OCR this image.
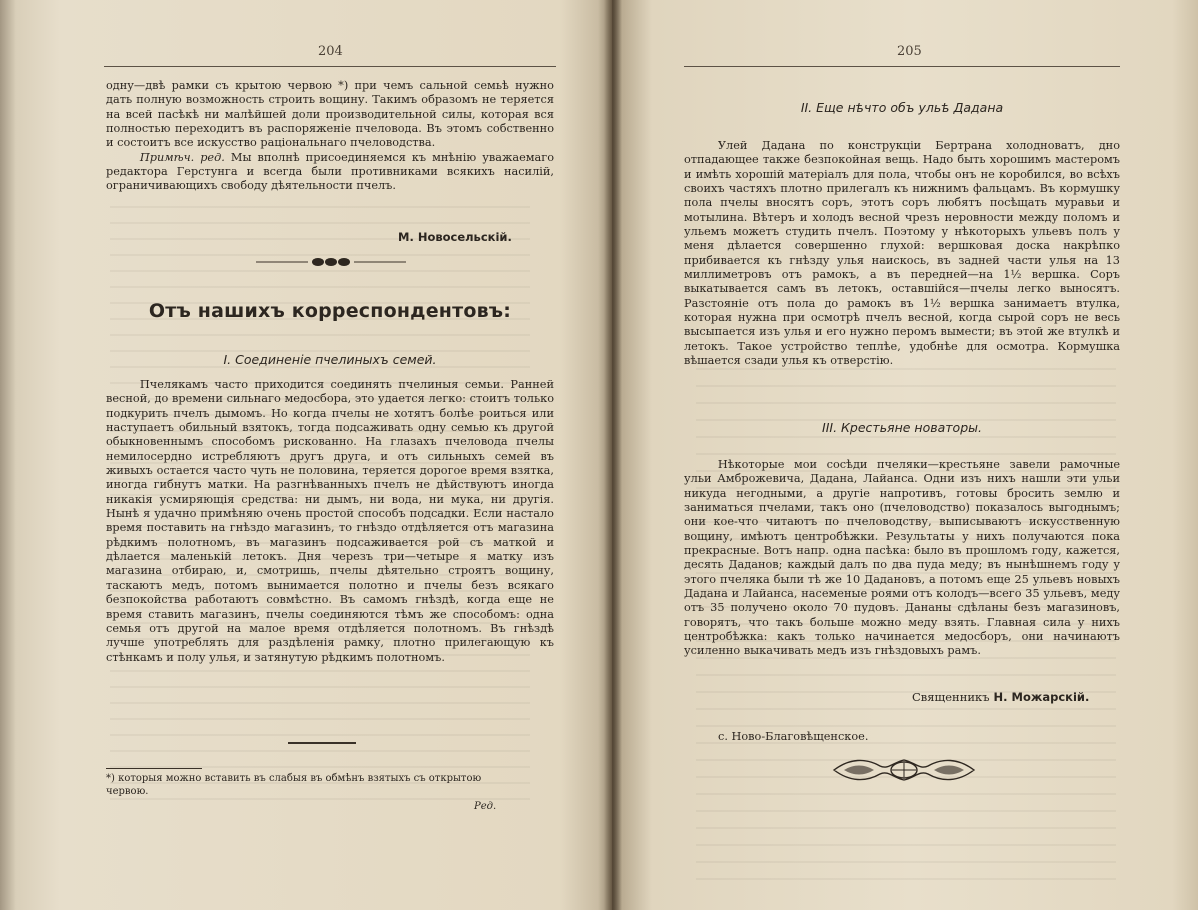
204

одну—двѣ рамки съ крытою червою *) при чемъ сальной семьѣ нужно дать полную возможность строить вощину. Такимъ образомъ не теряется на всей пасѣкѣ ни малѣйшей доли производительной силы, которая вся полностью переходитъ въ распоряженіе пчеловода. Въ этомъ собственно и состоитъ все искусство раціональнаго пчеловодства.

Примѣч. ред. Мы вполнѣ присоединяемся къ мнѣнію уважаемаго редактора Герстунга и всегда были противниками всякихъ насилій, ограничивающихъ свободу дѣятельности пчелъ.

М. Новосельскій.
Отъ нашихъ корреспондентовъ:
I. Соединеніе пчелиныхъ семей.

Пчелякамъ часто приходится соединять пчелиныя семьи. Ранней весной, до времени сильнаго медосбора, это удается легко: стоитъ только подкурить пчелъ дымомъ. Но когда пчелы не хотятъ болѣе роиться или наступаетъ обильный взятокъ, тогда подсаживать одну семью къ другой обыкновеннымъ способомъ рискованно. На глазахъ пчеловода пчелы немилосердно истребляютъ другъ друга, и отъ сильныхъ семей въ живыхъ остается часто чуть не половина, теряется дорогое время взятка, иногда гибнутъ матки. На разгнѣванныхъ пчелъ не дѣйствуютъ иногда никакія усмиряющія средства: ни дымъ, ни вода, ни мука, ни другія. Нынѣ я удачно примѣняю очень простой способъ подсадки. Если настало время поставить на гнѣздо магазинъ, то гнѣздо отдѣляется отъ магазина рѣдкимъ полотномъ, въ магазинъ подсаживается рой съ маткой и дѣлается маленькій летокъ. Дня черезъ три—четыре я матку изъ магазина отбираю, и, смотришь, пчелы дѣятельно строятъ вощину, таскаютъ медъ, потомъ вынимается полотно и пчелы безъ всякаго безпокойства работаютъ совмѣстно. Въ самомъ гнѣздѣ, когда еще не время ставить магазинъ, пчелы соединяются тѣмъ же способомъ: одна семья отъ другой на малое время отдѣляется полотномъ. Въ гнѣздѣ лучше употреблять для раздѣленія рамку, плотно прилегающую къ стѣнкамъ и полу улья, и затянутую рѣдкимъ полотномъ.

*) которыя можно вставить въ слабыя въ обмѣнъ взятыхъ съ открытою червою.
Ред.
205
II. Еще нѣчто объ ульѣ Дадана

Улей Дадана по конструкціи Бертрана холодноватъ, дно отпадающее также безпокойная вещь. Надо быть хорошимъ мастеромъ и имѣть хорошій матеріалъ для пола, чтобы онъ не коробился, во всѣхъ своихъ частяхъ плотно прилегалъ къ нижнимъ фальцамъ. Въ кормушку пола пчелы вносятъ соръ, этотъ соръ любятъ посѣщать муравьи и мотылина. Вѣтеръ и холодъ весной чрезъ неровности между поломъ и ульемъ можетъ студить пчелъ. Поэтому у нѣкоторыхъ ульевъ полъ у меня дѣлается совершенно глухой: вершковая доска накрѣпко прибивается къ гнѣзду улья наискось, въ задней части улья на 13 миллиметровъ отъ рамокъ, а въ передней—на 1½ вершка. Соръ выкатывается самъ въ летокъ, оставшійся—пчелы легко выносятъ. Разстояніе отъ пола до рамокъ въ 1½ вершка занимаетъ втулка, которая нужна при осмотрѣ пчелъ весной, когда сырой соръ не весь высыпается изъ улья и его нужно перомъ вымести; въ этой же втулкѣ и летокъ. Такое устройство теплѣе, удобнѣе для осмотра. Кормушка вѣшается сзади улья къ отверстію.

III. Крестьяне новаторы.

Нѣкоторые мои сосѣди пчеляки—крестьяне завели рамочные ульи Амброжевича, Дадана, Лайанса. Одни изъ нихъ нашли эти ульи никуда негодными, а другіе напротивъ, готовы бросить землю и заниматься пчелами, такъ оно (пчеловодство) показалось выгоднымъ; они кое-что читаютъ по пчеловодству, выписываютъ искусственную вощину, имѣютъ центробѣжки. Результаты у нихъ получаются пока прекрасные. Вотъ напр. одна пасѣка: было въ прошломъ году, кажется, десять Даданов; каждый далъ по два пуда меду; въ нынѣшнемъ году у этого пчеляка были тѣ же 10 Дадановъ, а потомъ еще 25 ульевъ новыхъ Дадана и Лайанса, насеменые роями отъ колодъ—всего 35 ульевъ, меду отъ 35 получено около 70 пудовъ. Дананы сдѣланы безъ магазиновъ, говорятъ, что такъ больше можно меду взять. Главная сила у нихъ центробѣжка: какъ только начинается медосборъ, они начинаютъ усиленно выкачивать медъ изъ гнѣздовыхъ рамъ.

Священникъ Н. Можарскій.
с. Ново-Благовѣщенское.
